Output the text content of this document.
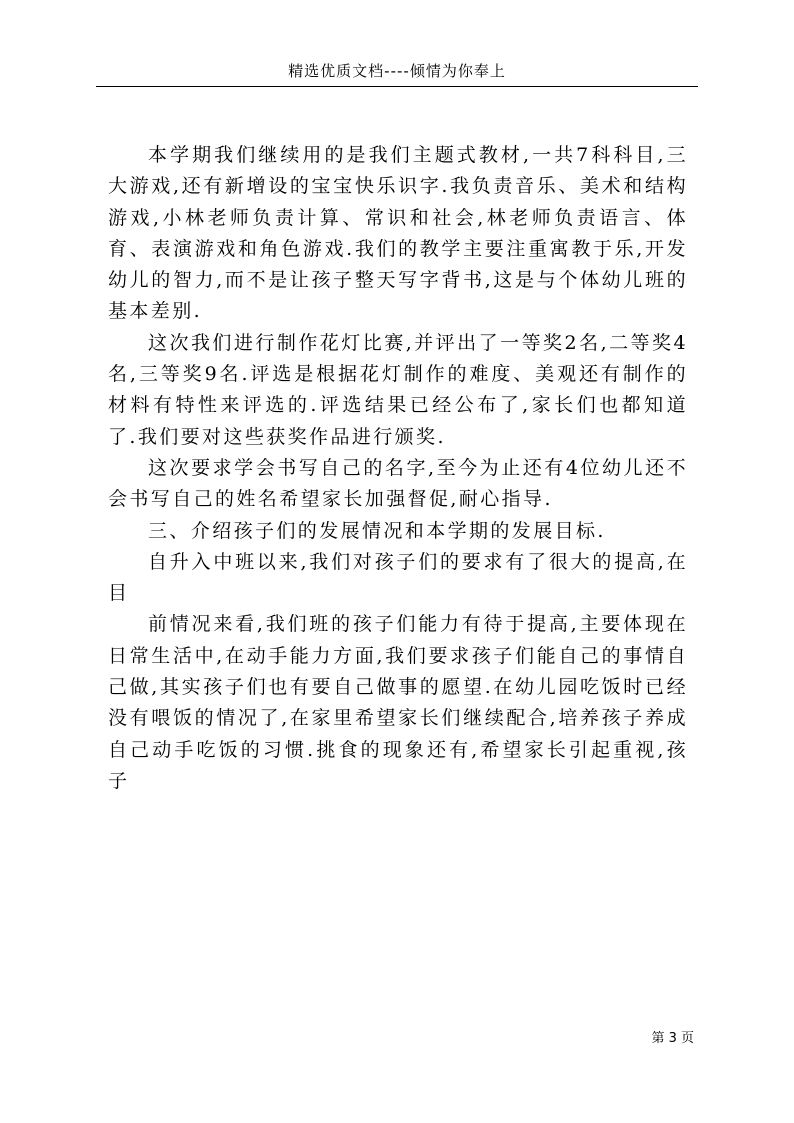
精选优质文档----倾情为你奉上

本学期我们继续用的是我们主题式教材,一共7科科目,三大游戏,还有新增设的宝宝快乐识字.我负责音乐、美术和结构游戏,小林老师负责计算、常识和社会,林老师负责语言、体育、表演游戏和角色游戏.我们的教学主要注重寓教于乐,开发幼儿的智力,而不是让孩子整天写字背书,这是与个体幼儿班的基本差别.

这次我们进行制作花灯比赛,并评出了一等奖2名,二等奖4名,三等奖9名.评选是根据花灯制作的难度、美观还有制作的材料有特性来评选的.评选结果已经公布了,家长们也都知道了.我们要对这些获奖作品进行颁奖.

这次要求学会书写自己的名字,至今为止还有4位幼儿还不会书写自己的姓名希望家长加强督促,耐心指导.

三、介绍孩子们的发展情况和本学期的发展目标.

自升入中班以来,我们对孩子们的要求有了很大的提高,在目

前情况来看,我们班的孩子们能力有待于提高,主要体现在日常生活中,在动手能力方面,我们要求孩子们能自己的事情自己做,其实孩子们也有要自己做事的愿望.在幼儿园吃饭时已经没有喂饭的情况了,在家里希望家长们继续配合,培养孩子养成自己动手吃饭的习惯.挑食的现象还有,希望家长引起重视,孩子

第 3 页
